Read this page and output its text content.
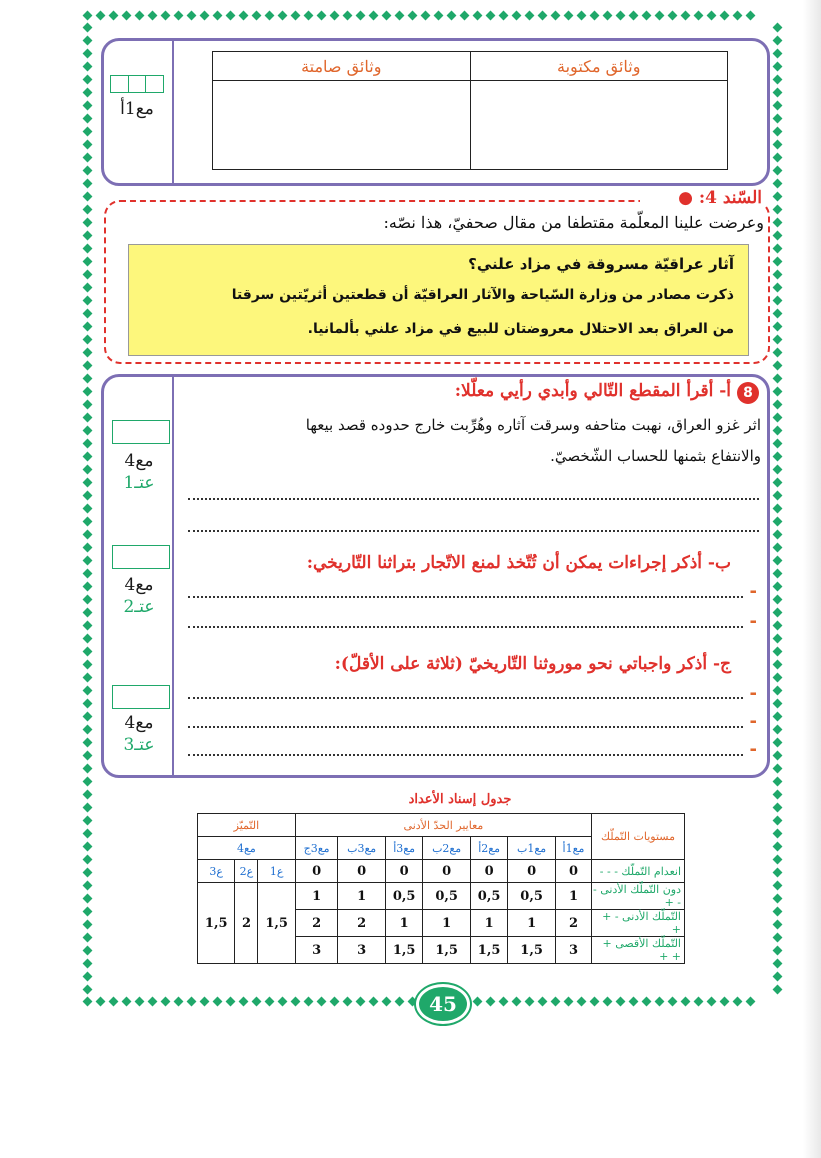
مع1أ
وثائق صامتة	وثائق مكتوبة

السّند 4: ●
وعرضت علينا المعلّمة مقتطفا من مقال صحفيّ، هذا نصّه:
آثار عراقيّة مسروقة في مزاد علني؟
ذكرت مصادر من وزارة السّياحة والآثار العراقيّة أن قطعتين أثريّتين سرقتا
من العراق بعد الاحتلال معروضتان للبيع في مزاد علني بألمانيا.
مع4
عتـ1
مع4
عتـ2
مع4
عتـ3
8
أ- أقرأ المقطع التّالي وأبدي رأيي معلّلا:
اثر غزو العراق، نهبت متاحفه وسرقت آثاره وهُرِّبت خارج حدوده قصد بيعها
والانتفاع بثمنها للحساب الشّخصيّ.
ب- أذكر إجراءات يمكن أن تُتّخذ لمنع الاتّجار بتراثنا التّاريخي:
-
-
ج- أذكر واجباتي نحو موروثنا التّاريخيّ (ثلاثة على الأقلّ):
-
-
-
جدول إسناد الأعداد
مستويات التّملّك	معايير الحدّ الأدنى							التّميّز		
	مع1أ	مع1ب	مع2أ	مع2ب	مع3أ	مع3ب	مع3ج	مع4		
انعدام التّملّك - - -	0	0	0	0	0	0	0	ع1	ع2	ع3
دون التّملّك الأدنى - - +	1	0,5	0,5	0,5	0,5	1	1	1,5	2	1,5
التّملّك الأدنى - + +	2	1	1	1	1	2	2			
التّملّك الأقصى + + +	3	1,5	1,5	1,5	1,5	3	3			
45
